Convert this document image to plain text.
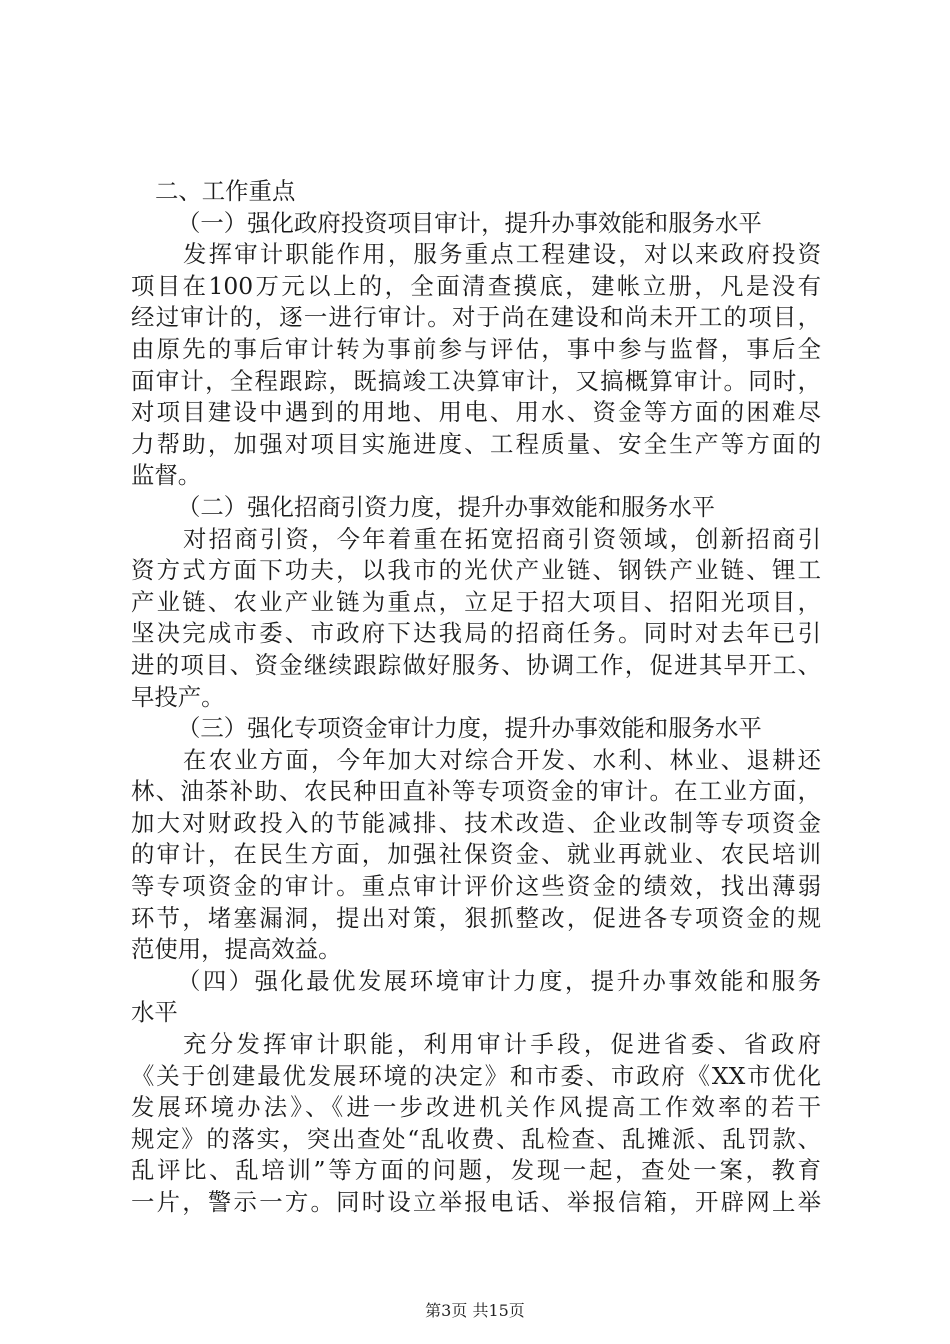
二、工作重点
（一）强化政府投资项目审计，提升办事效能和服务水平
发挥审计职能作用，服务重点工程建设，对以来政府投资
项目在100万元以上的，全面清查摸底，建帐立册，凡是没有
经过审计的，逐一进行审计。对于尚在建设和尚未开工的项目，
由原先的事后审计转为事前参与评估，事中参与监督，事后全
面审计，全程跟踪，既搞竣工决算审计，又搞概算审计。同时，
对项目建设中遇到的用地、用电、用水、资金等方面的困难尽
力帮助，加强对项目实施进度、工程质量、安全生产等方面的
监督。
（二）强化招商引资力度，提升办事效能和服务水平
对招商引资，今年着重在拓宽招商引资领域，创新招商引
资方式方面下功夫，以我市的光伏产业链、钢铁产业链、锂工
产业链、农业产业链为重点，立足于招大项目、招阳光项目，
坚决完成市委、市政府下达我局的招商任务。同时对去年已引
进的项目、资金继续跟踪做好服务、协调工作，促进其早开工、
早投产。
（三）强化专项资金审计力度，提升办事效能和服务水平
在农业方面，今年加大对综合开发、水利、林业、退耕还
林、油茶补助、农民种田直补等专项资金的审计。在工业方面，
加大对财政投入的节能减排、技术改造、企业改制等专项资金
的审计，在民生方面，加强社保资金、就业再就业、农民培训
等专项资金的审计。重点审计评价这些资金的绩效，找出薄弱
环节，堵塞漏洞，提出对策，狠抓整改，促进各专项资金的规
范使用，提高效益。
（四）强化最优发展环境审计力度，提升办事效能和服务
水平
充分发挥审计职能，利用审计手段，促进省委、省政府
《关于创建最优发展环境的决定》和市委、市政府《XX市优化
发展环境办法》、《进一步改进机关作风提高工作效率的若干
规定》的落实，突出查处“乱收费、乱检查、乱摊派、乱罚款、
乱评比、乱培训”等方面的问题，发现一起，查处一案，教育
一片，警示一方。同时设立举报电话、举报信箱，开辟网上举
第3页 共15页
